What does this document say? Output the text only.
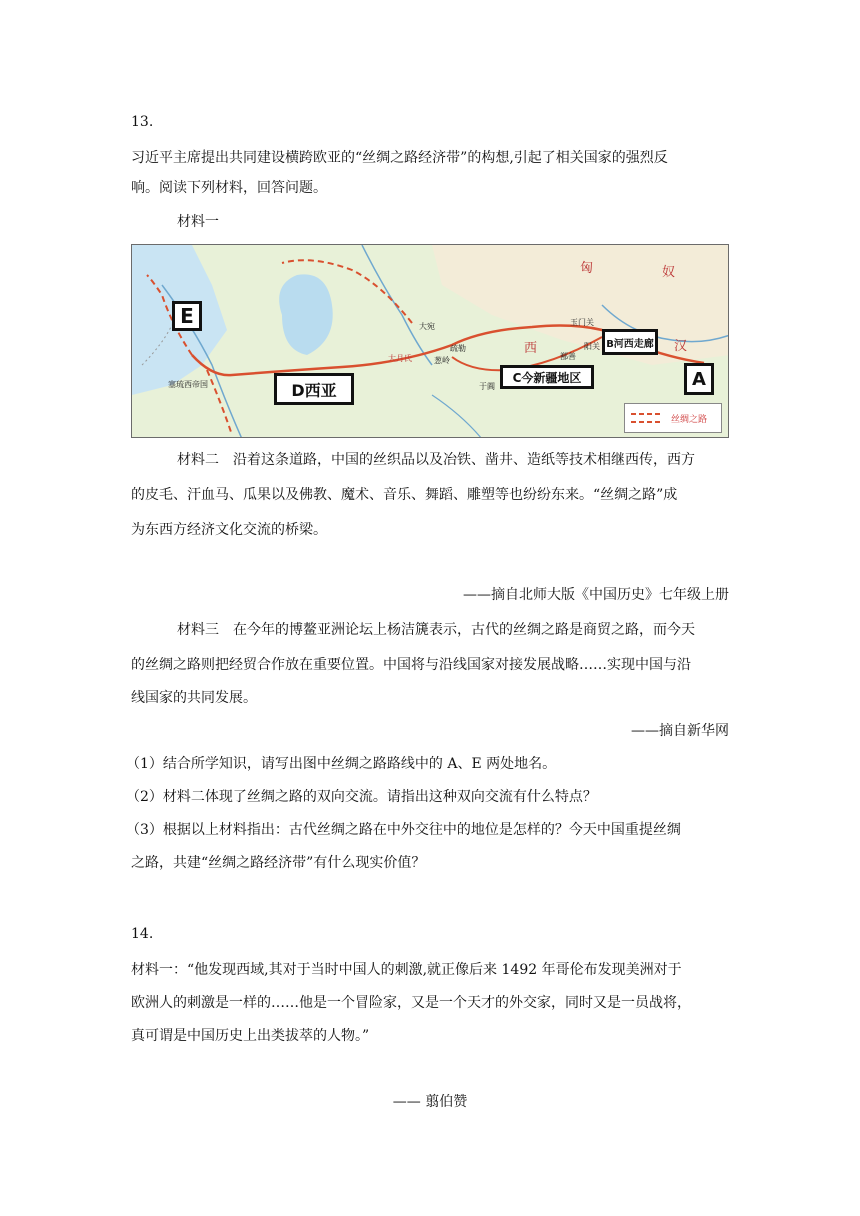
13.
习近平主席提出共同建设横跨欧亚的“丝绸之路经济带”的构想,引起了相关国家的强烈反
响。阅读下列材料，回答问题。
材料一
E
D西亚
C今新疆地区
B河西走廊
A
大宛
疏勒
于阗
玉门关
阳关
鄯善
大月氏	葱岭
塞琉西帝国
匈	奴
汉
西
丝绸之路
材料二　沿着这条道路，中国的丝织品以及冶铁、凿井、造纸等技术相继西传，西方
的皮毛、汗血马、瓜果以及佛教、魔术、音乐、舞蹈、雕塑等也纷纷东来。“丝绸之路”成
为东西方经济文化交流的桥梁。
——摘自北师大版《中国历史》七年级上册
材料三　在今年的博鳌亚洲论坛上杨洁篪表示，古代的丝绸之路是商贸之路，而今天
的丝绸之路则把经贸合作放在重要位置。中国将与沿线国家对接发展战略……实现中国与沿
线国家的共同发展。
——摘自新华网
（1）结合所学知识，请写出图中丝绸之路路线中的 A、E 两处地名。
（2）材料二体现了丝绸之路的双向交流。请指出这种双向交流有什么特点？
（3）根据以上材料指出：古代丝绸之路在中外交往中的地位是怎样的？今天中国重提丝绸
之路，共建“丝绸之路经济带”有什么现实价值？
14.
材料一：“他发现西域,其对于当时中国人的刺激,就正像后来 1492 年哥伦布发现美洲对于
欧洲人的刺激是一样的……他是一个冒险家，又是一个天才的外交家，同时又是一员战将，
真可谓是中国历史上出类拔萃的人物。”
—— 翦伯赞
